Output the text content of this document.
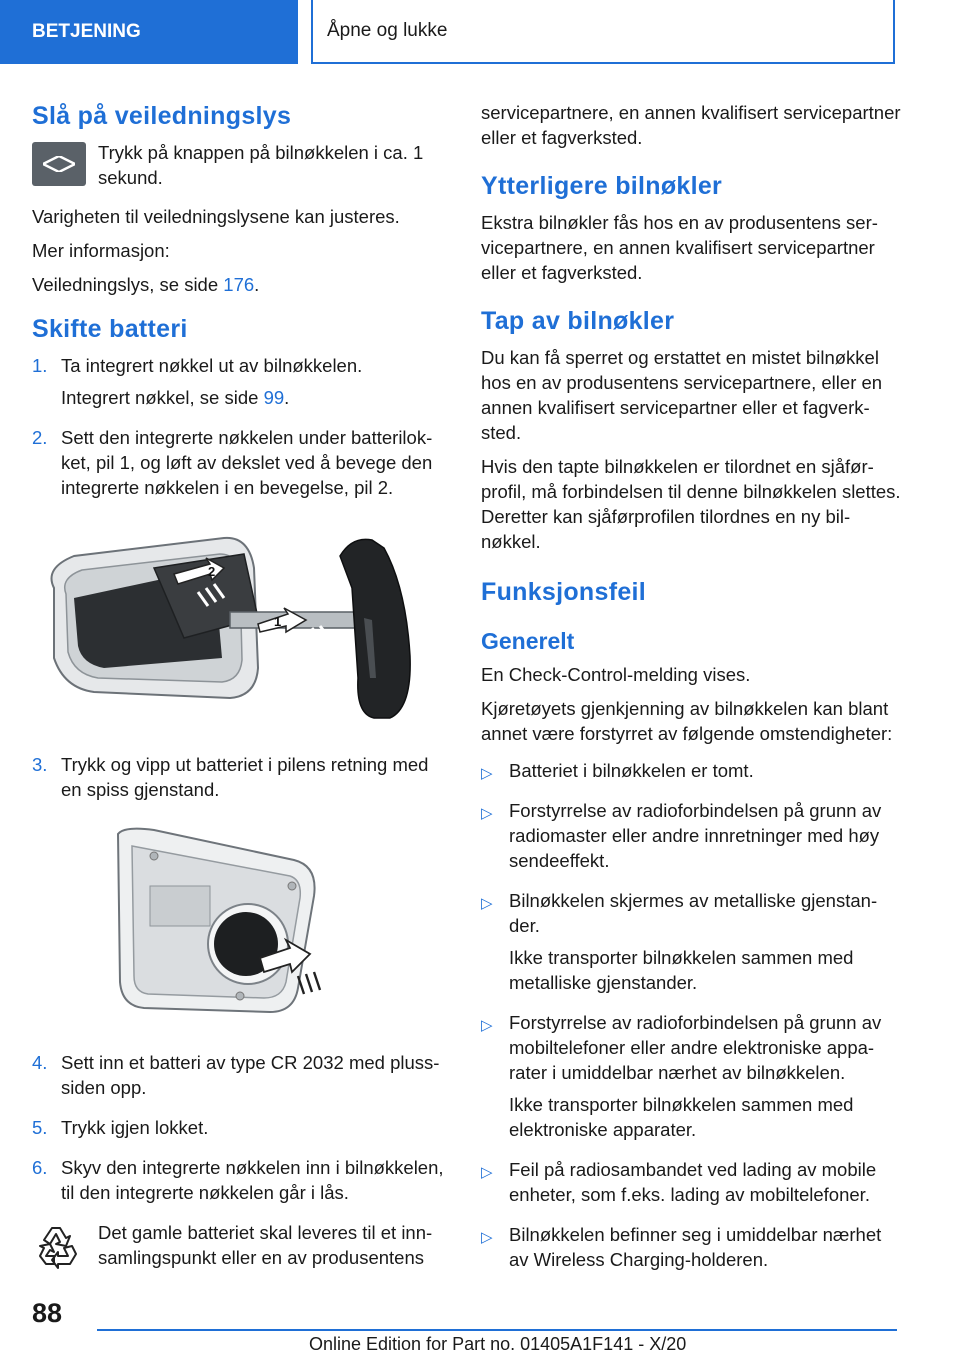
BETJENING	Åpne og lukke
Slå på veiledningslys
Trykk på knappen på bilnøkkelen i ca. 1 sekund.

Varigheten til veiledningslysene kan justeres.

Mer informasjon:

Veiledningslys, se side 176.

Skifte batteri
1. Ta integrert nøkkel ut av bilnøkkelen.

Integrert nøkkel, se side 99.

2. Sett den integrerte nøkkelen under batterilokket, pil 1, og løft av dekslet ved å bevege den integrerte nøkkelen i en bevegelse, pil 2.

2
1
3. Trykk og vipp ut batteriet i pilens retning med en spiss gjenstand.

4. Sett inn et batteri av type CR 2032 med pluss-siden opp.

5. Trykk igjen lokket.

6. Skyv den integrerte nøkkelen inn i bilnøkkelen, til den integrerte nøkkelen går i lås.

Det gamle batteriet skal leveres til et innsamlingspunkt eller en av produsentens

servicepartnere, en annen kvalifisert servicepartner eller et fagverksted.

Ytterligere bilnøkler

Ekstra bilnøkler fås hos en av produsentens servicepartnere, en annen kvalifisert servicepartner eller et fagverksted.

Tap av bilnøkler

Du kan få sperret og erstattet en mistet bilnøkkel hos en av produsentens servicepartnere, eller en annen kvalifisert servicepartner eller et fagverksted.

Hvis den tapte bilnøkkelen er tilordnet en sjåførprofil, må forbindelsen til denne bilnøkkelen slettes. Deretter kan sjåførprofilen tilordnes en ny bilnøkkel.

Funksjonsfeil
Generelt

En Check-Control-melding vises.

Kjøretøyets gjenkjenning av bilnøkkelen kan blant annet være forstyrret av følgende omstendigheter:

▷ Batteriet i bilnøkkelen er tomt.

▷ Forstyrrelse av radioforbindelsen på grunn av radiomaster eller andre innretninger med høy sendeeffekt.

▷ Bilnøkkelen skjermes av metalliske gjenstander.

Ikke transporter bilnøkkelen sammen med metalliske gjenstander.

▷ Forstyrrelse av radioforbindelsen på grunn av mobiltelefoner eller andre elektroniske apparater i umiddelbar nærhet av bilnøkkelen.

Ikke transporter bilnøkkelen sammen med elektroniske apparater.

▷ Feil på radiosambandet ved lading av mobile enheter, som f.eks. lading av mobiltelefoner.

▷ Bilnøkkelen befinner seg i umiddelbar nærhet av Wireless Charging-holderen.

88
Online Edition for Part no. 01405A1F141 - X/20
